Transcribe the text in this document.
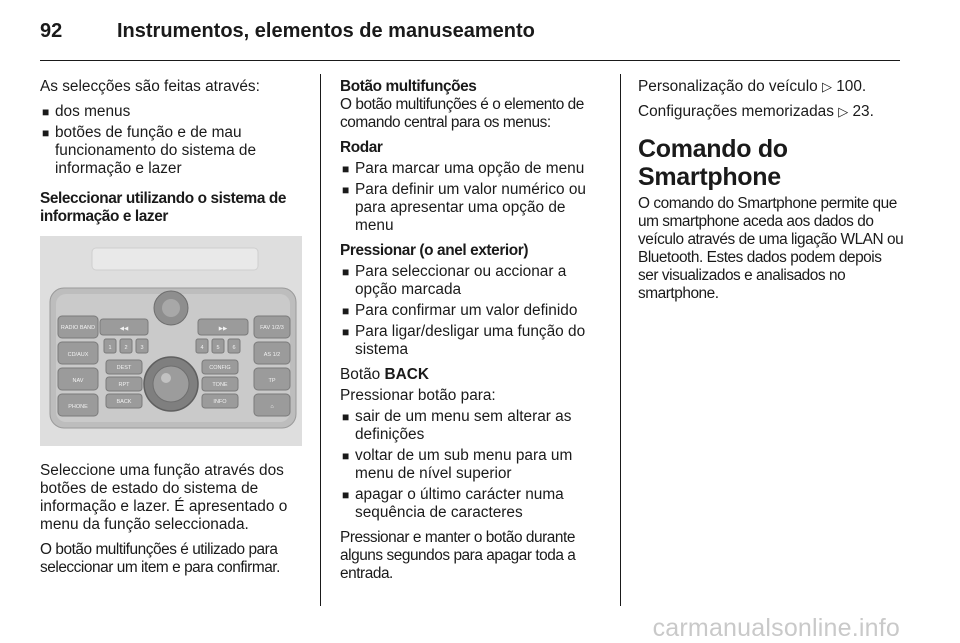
92	Instrumentos, elementos de manuseamento

As selecções são feitas através:

■ dos menus
■ botões de função e de mau funcionamento do sistema de informação e lazer

Seleccionar utilizando o sistema de informação e lazer

RADIO BAND
CD/AUX
NAV
PHONE
FAV 1/2/3
AS 1/2
TP
⌂
◀◀	▶▶
1 2 3	4 5 6
DEST
RPT
BACK
CONFIG
TONE
INFO

Seleccione uma função através dos botões de estado do sistema de informação e lazer. É apresentado o menu da função seleccionada.

O botão multifunções é utilizado para seleccionar um item e para confirmar.

Botão multifunções

O botão multifunções é o elemento de comando central para os menus:

Rodar

■ Para marcar uma opção de menu
■ Para definir um valor numérico ou para apresentar uma opção de menu

Pressionar (o anel exterior)

■ Para seleccionar ou accionar a opção marcada
■ Para confirmar um valor definido
■ Para ligar/desligar uma função do sistema

Botão BACK

Pressionar botão para:

■ sair de um menu sem alterar as definições
■ voltar de um sub menu para um menu de nível superior
■ apagar o último carácter numa sequência de caracteres

Pressionar e manter o botão durante alguns segundos para apagar toda a entrada.

Personalização do veículo ▷ 100.

Configurações memorizadas ▷ 23.

Comando do Smartphone

O comando do Smartphone permite que um smartphone aceda aos dados do veículo através de uma ligação WLAN ou Bluetooth. Estes dados podem depois ser visualizados e analisados no smartphone.

carmanualsonline.info
